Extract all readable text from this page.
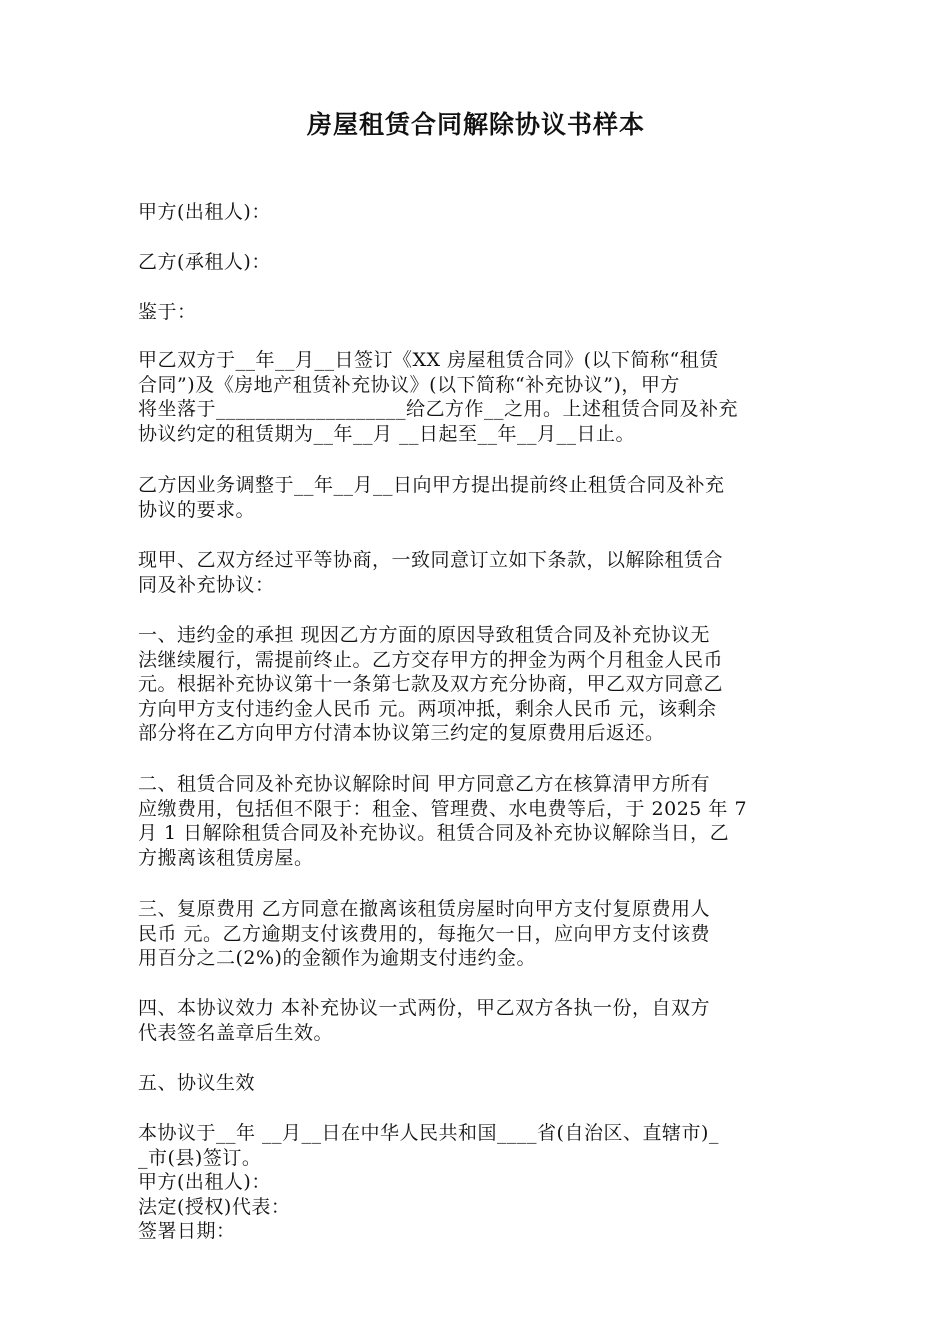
房屋租赁合同解除协议书样本
甲方(出租人)：
乙方(承租人)：
鉴于：
甲乙双方于__年__月__日签订《XX 房屋租赁合同》(以下简称“租赁
合同”)及《房地产租赁补充协议》(以下简称“补充协议”)，甲方
将坐落于___________________给乙方作__之用。上述租赁合同及补充
协议约定的租赁期为__年__月 __日起至__年__月__日止。
乙方因业务调整于__年__月__日向甲方提出提前终止租赁合同及补充
协议的要求。
现甲、乙双方经过平等协商，一致同意订立如下条款，以解除租赁合
同及补充协议：
一、违约金的承担 现因乙方方面的原因导致租赁合同及补充协议无
法继续履行，需提前终止。乙方交存甲方的押金为两个月租金人民币
元。根据补充协议第十一条第七款及双方充分协商，甲乙双方同意乙
方向甲方支付违约金人民币 元。两项冲抵，剩余人民币 元，该剩余
部分将在乙方向甲方付清本协议第三约定的复原费用后返还。
二、租赁合同及补充协议解除时间 甲方同意乙方在核算清甲方所有
应缴费用，包括但不限于：租金、管理费、水电费等后，于 2025 年 7
月 1 日解除租赁合同及补充协议。租赁合同及补充协议解除当日，乙
方搬离该租赁房屋。
三、复原费用 乙方同意在撤离该租赁房屋时向甲方支付复原费用人
民币 元。乙方逾期支付该费用的，每拖欠一日，应向甲方支付该费
用百分之二(2%)的金额作为逾期支付违约金。
四、本协议效力 本补充协议一式两份，甲乙双方各执一份，自双方
代表签名盖章后生效。
五、协议生效
本协议于__年 __月__日在中华人民共和国____省(自治区、直辖市)_
_市(县)签订。
甲方(出租人)：
法定(授权)代表：
签署日期：
